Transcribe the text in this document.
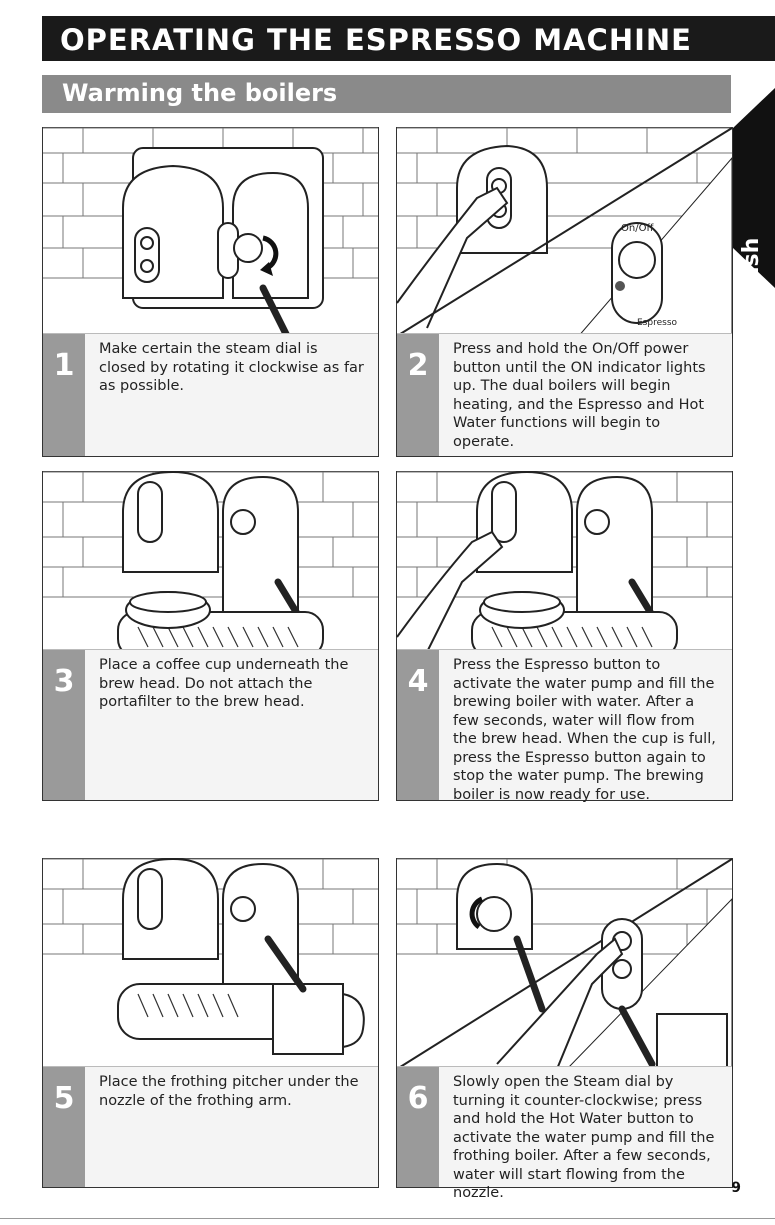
OPERATING THE ESPRESSO MACHINE
Warming the boilers
English
1	Make certain the steam dial is closed by rotating it clockwise as far as possible.
On/Off
Espresso
2	Press and hold the On/Off power button until the ON indicator lights up. The dual boilers will begin heating, and the Espresso and Hot Water functions will begin to operate.
3	Place a coffee cup underneath the brew head. Do not attach the portafilter to the brew head.
4	Press the Espresso button to activate the water pump and fill the brewing boiler with water. After a few seconds, water will flow from the brew head. When the cup is full, press the Espresso button again to stop the water pump. The brewing boiler is now ready for use.
5	Place the frothing pitcher under the nozzle of the frothing arm.	6	Slowly open the Steam dial by turning it counter-clockwise; press and hold the Hot Water button to activate the water pump and fill the frothing boiler. After a few seconds, water will start flowing from the nozzle.	9
